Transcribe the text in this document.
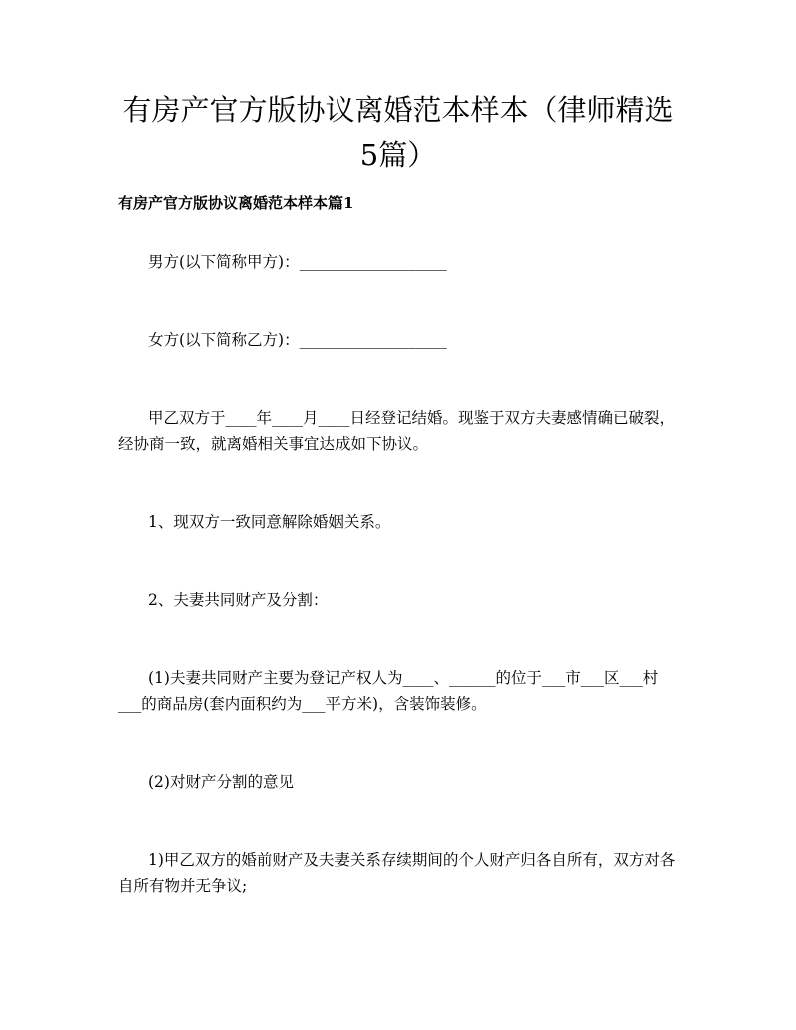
有房产官方版协议离婚范本样本（律师精选
5篇）
有房产官方版协议离婚范本样本篇1
男方(以下简称甲方)：___________________
女方(以下简称乙方)：___________________
甲乙双方于____年____月____日经登记结婚。现鉴于双方夫妻感情确已破裂，
经协商一致，就离婚相关事宜达成如下协议。
1、现双方一致同意解除婚姻关系。
2、夫妻共同财产及分割：
(1)夫妻共同财产主要为登记产权人为____、______的位于___市___区___村
___的商品房(套内面积约为___平方米)，含装饰装修。
(2)对财产分割的意见
1)甲乙双方的婚前财产及夫妻关系存续期间的个人财产归各自所有，双方对各
自所有物并无争议;
